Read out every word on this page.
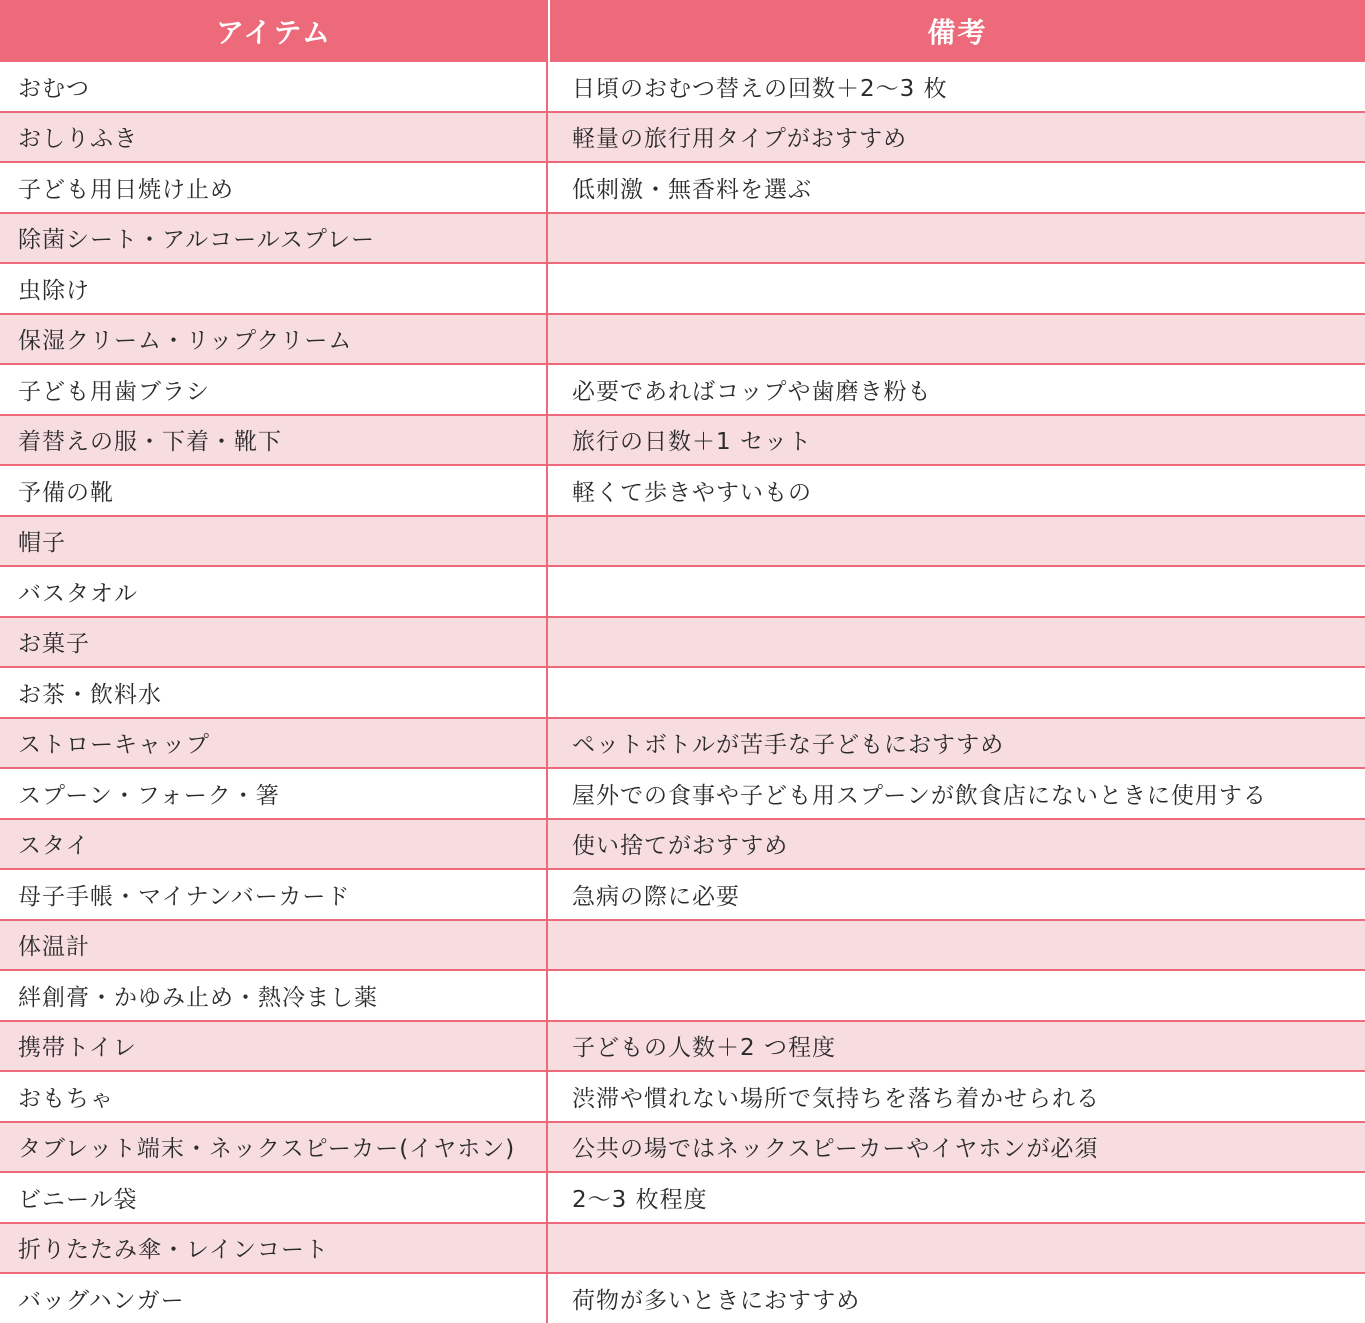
アイテム	備考
おむつ	日頃のおむつ替えの回数＋2〜3 枚
おしりふき	軽量の旅行用タイプがおすすめ
子ども用日焼け止め	低刺激・無香料を選ぶ
除菌シート・アルコールスプレー
虫除け
保湿クリーム・リップクリーム
子ども用歯ブラシ	必要であればコップや歯磨き粉も
着替えの服・下着・靴下	旅行の日数＋1 セット
予備の靴	軽くて歩きやすいもの
帽子
バスタオル
お菓子
お茶・飲料水
ストローキャップ	ペットボトルが苦手な子どもにおすすめ
スプーン・フォーク・箸	屋外での食事や子ども用スプーンが飲食店にないときに使用する
スタイ	使い捨てがおすすめ
母子手帳・マイナンバーカード	急病の際に必要
体温計
絆創膏・かゆみ止め・熱冷まし薬
携帯トイレ	子どもの人数＋2 つ程度
おもちゃ	渋滞や慣れない場所で気持ちを落ち着かせられる
タブレット端末・ネックスピーカー(イヤホン)	公共の場ではネックスピーカーやイヤホンが必須
ビニール袋	2〜3 枚程度
折りたたみ傘・レインコート
バッグハンガー	荷物が多いときにおすすめ
